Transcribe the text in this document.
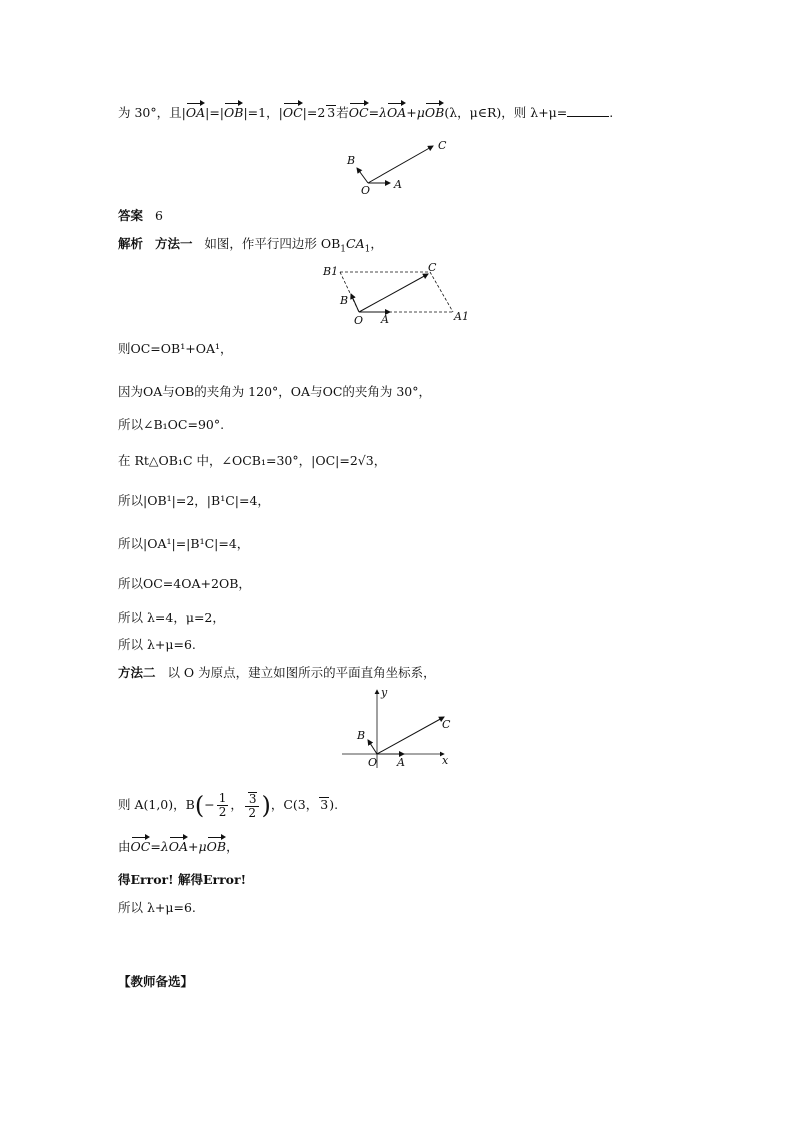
为 30°，且|OA|=|OB|=1，|OC|=2 3若OC=λOA+μOB(λ，μ∈R)，则 λ+μ=	.
B
C
O A
答案 6
解析 方法一 如图，作平行四边形 $OB_1CA_1$，
B1	C
B
O A	A1
则OC=OB¹+OA¹，
因为OA与OB的夹角为 120°，OA与OC的夹角为 30°，
所以∠B₁OC=90°.
在 Rt△OB₁C 中，∠OCB₁=30°，|OC|=2√3，
所以|OB¹|=2，|B¹C|=4，
所以|OA¹|=|B¹C|=4，
所以OC=4OA+2OB，
所以 λ=4，μ=2，
所以 λ+μ=6.
方法二 以 O 为原点，建立如图所示的平面直角坐标系，
y
C
B
O A	x
则 A(1,0)，$B(- \frac{1}{2}$ ， $\frac{3}{2}$ )，C(3， 3).
由OC=λOA+μOB，
得Error! 解得Error!
所以 λ+μ=6.
【教师备选】
